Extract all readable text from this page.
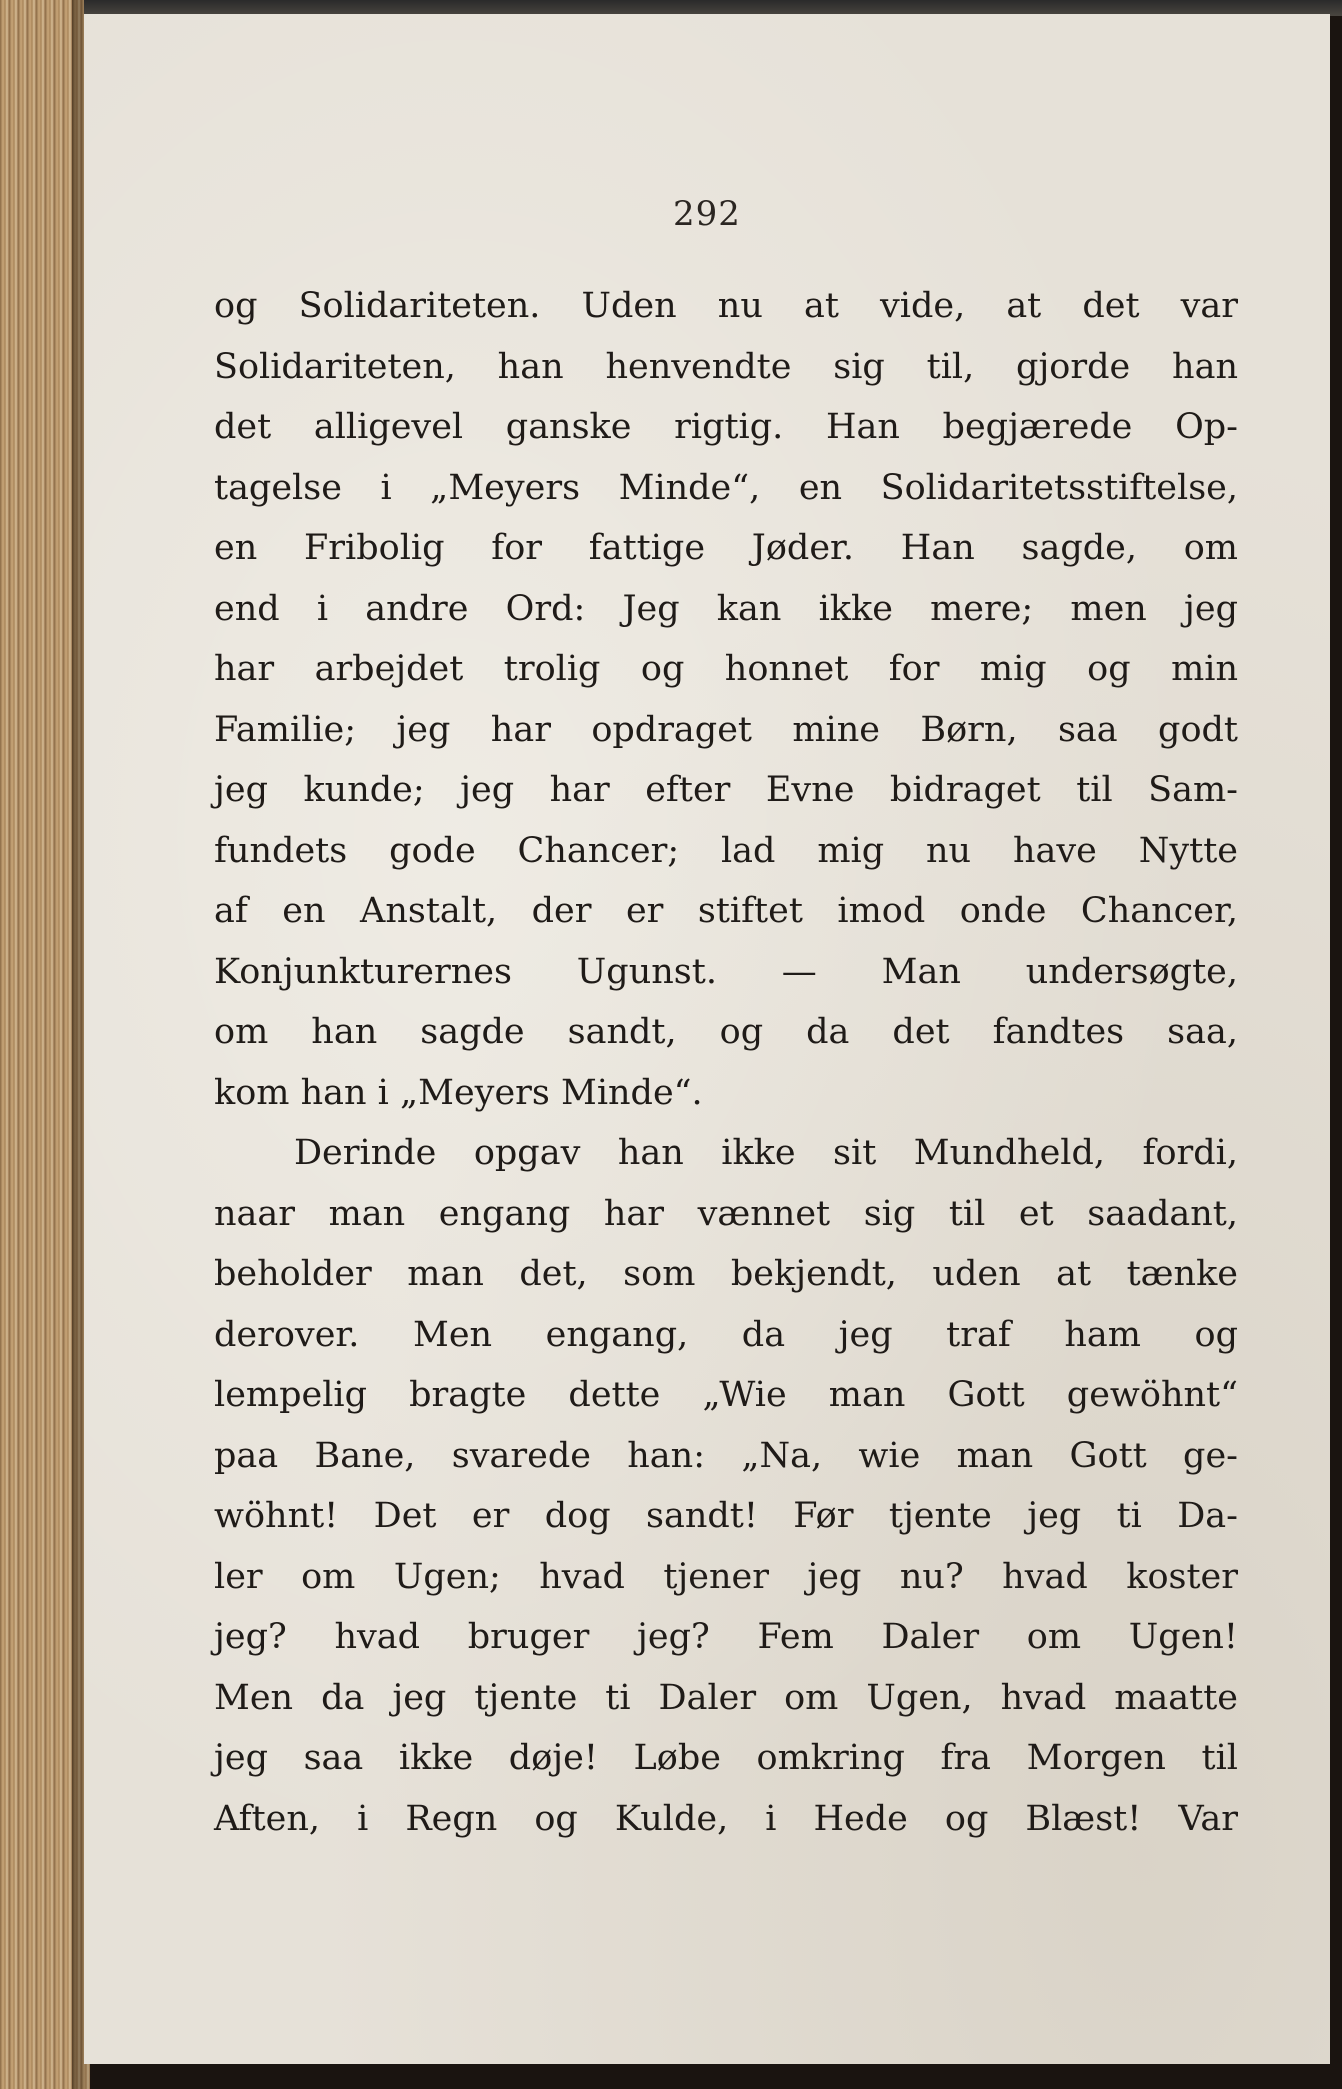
292
og Solidariteten. Uden nu at vide, at det var
Solidariteten, han henvendte sig til, gjorde han
det alligevel ganske rigtig. Han begjærede Op-
tagelse i „Meyers Minde“, en Solidaritetsstiftelse,
en Fribolig for fattige Jøder. Han sagde, om
end i andre Ord: Jeg kan ikke mere; men jeg
har arbejdet trolig og honnet for mig og min
Familie; jeg har opdraget mine Børn, saa godt
jeg kunde; jeg har efter Evne bidraget til Sam-
fundets gode Chancer; lad mig nu have Nytte
af en Anstalt, der er stiftet imod onde Chancer,
Konjunkturernes Ugunst. — Man undersøgte,
om han sagde sandt, og da det fandtes saa,
kom han i „Meyers Minde“.
Derinde opgav han ikke sit Mundheld, fordi,
naar man engang har vænnet sig til et saadant,
beholder man det, som bekjendt, uden at tænke
derover. Men engang, da jeg traf ham og
lempelig bragte dette „Wie man Gott gewöhnt“
paa Bane, svarede han: „Na, wie man Gott ge-
wöhnt! Det er dog sandt! Før tjente jeg ti Da-
ler om Ugen; hvad tjener jeg nu? hvad koster
jeg? hvad bruger jeg? Fem Daler om Ugen!
Men da jeg tjente ti Daler om Ugen, hvad maatte
jeg saa ikke døje! Løbe omkring fra Morgen til
Aften, i Regn og Kulde, i Hede og Blæst! Var
